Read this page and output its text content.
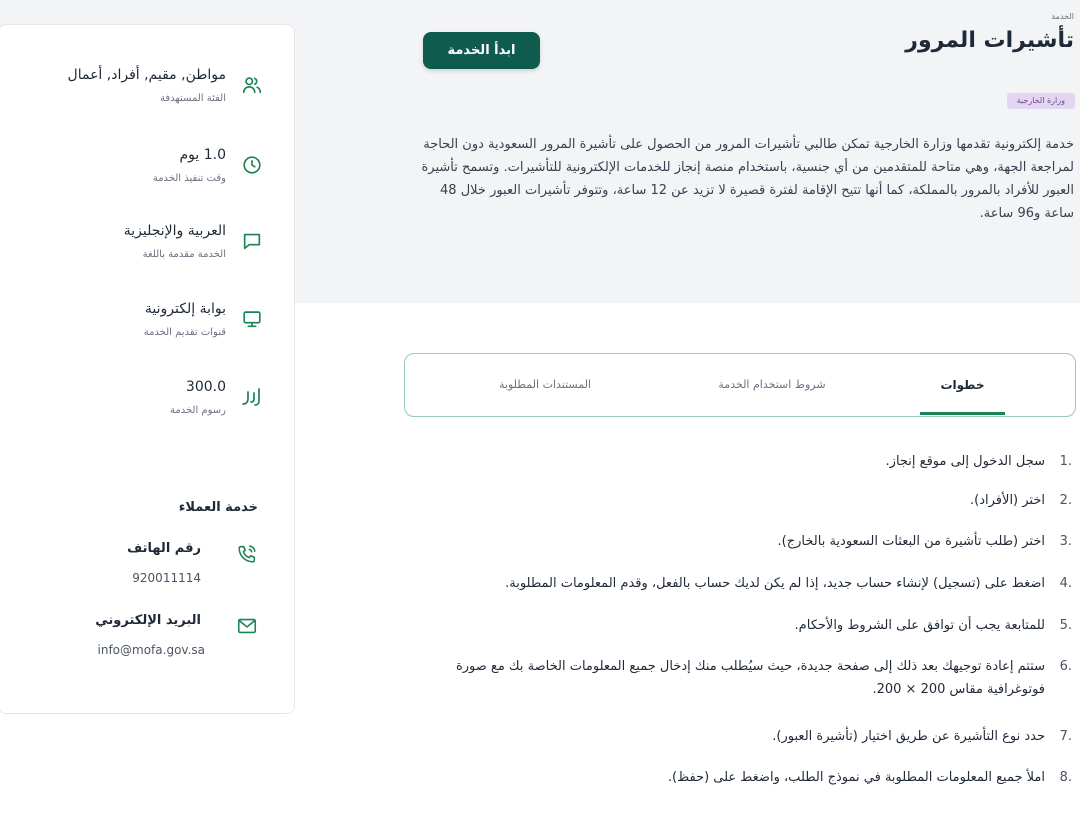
الخدمة
تأشيرات المرور
ابدأ الخدمة
وزارة الخارجية

خدمة إلكترونية تقدمها وزارة الخارجية تمكن طالبي تأشيرات المرور من الحصول على تأشيرة المرور السعودية دون الحاجة لمراجعة الجهة، وهي متاحة للمتقدمين من أي جنسية، باستخدام منصة إنجاز للخدمات الإلكترونية للتأشيرات. وتسمح تأشيرة العبور للأفراد بالمرور بالمملكة، كما أنها تتيح الإقامة لفترة قصيرة لا تزيد عن 12 ساعة، وتتوفر تأشيرات العبور خلال 48 ساعة و96 ساعة.

مواطن, مقيم, أفراد, أعمال
الفئة المستهدفة
1.0 يوم
وقت تنفيذ الخدمة
العربية والإنجليزية
الخدمة مقدمة باللغة
بوابة إلكترونية
قنوات تقديم الخدمة
300.0
رسوم الخدمة
خدمة العملاء
رقم الهاتف
920011114
البريد الإلكتروني
info@mofa.gov.sa
خطوات
شروط استخدام الخدمة
المستندات المطلوبة
1.
سجل الدخول إلى موقع إنجاز.
2.
اختر (الأفراد).
3.
اختر (طلب تأشيرة من البعثات السعودية بالخارج).
4.
اضغط على (تسجيل) لإنشاء حساب جديد، إذا لم يكن لديك حساب بالفعل، وقدم المعلومات المطلوبة.
5.
للمتابعة يجب أن توافق على الشروط والأحكام.
6.
ستتم إعادة توجيهك بعد ذلك إلى صفحة جديدة، حيث سيُطلب منك إدخال جميع المعلومات الخاصة بك مع صورة فوتوغرافية مقاس 200 × 200.
7.
حدد نوع التأشيرة عن طريق اختيار (تأشيرة العبور).
8.
املأ جميع المعلومات المطلوبة في نموذج الطلب، واضغط على (حفظ).
